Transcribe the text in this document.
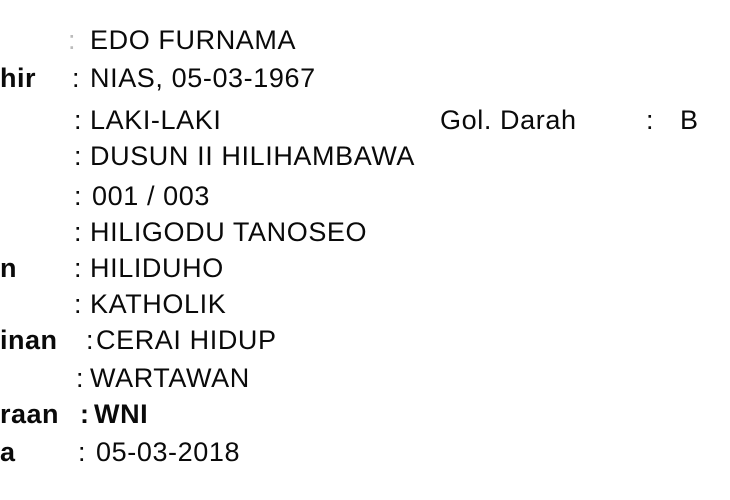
: EDO FURNAMA
hir : NIAS, 05-03-1967
: LAKI-LAKI	Gol. Darah	: B
: DUSUN II HILIHAMBAWA
: 001 / 003
: HILIGODU TANOSEO
n : HILIDUHO
: KATHOLIK
inan : CERAI HIDUP
: WARTAWAN
raan : WNI
a : 05-03-2018
